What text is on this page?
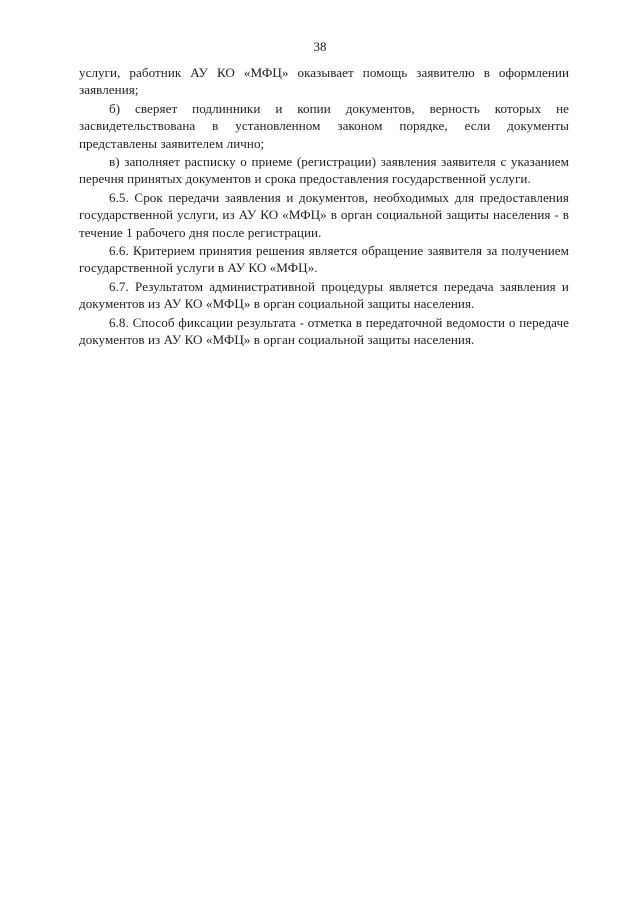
38

услуги, работник АУ КО «МФЦ» оказывает помощь заявителю в оформлении заявления;

б) сверяет подлинники и копии документов, верность которых не засвидетельствована в установленном законом порядке, если документы представлены заявителем лично;

в) заполняет расписку о приеме (регистрации) заявления заявителя с указанием перечня принятых документов и срока предоставления государственной услуги.

6.5. Срок передачи заявления и документов, необходимых для предоставления государственной услуги, из АУ КО «МФЦ» в орган социальной защиты населения - в течение 1 рабочего дня после регистрации.

6.6. Критерием принятия решения является обращение заявителя за получением государственной услуги в АУ КО «МФЦ».

6.7. Результатом административной процедуры является передача заявления и документов из АУ КО «МФЦ» в орган социальной защиты населения.

6.8. Способ фиксации результата - отметка в передаточной ведомости о передаче документов из АУ КО «МФЦ» в орган социальной защиты населения.
